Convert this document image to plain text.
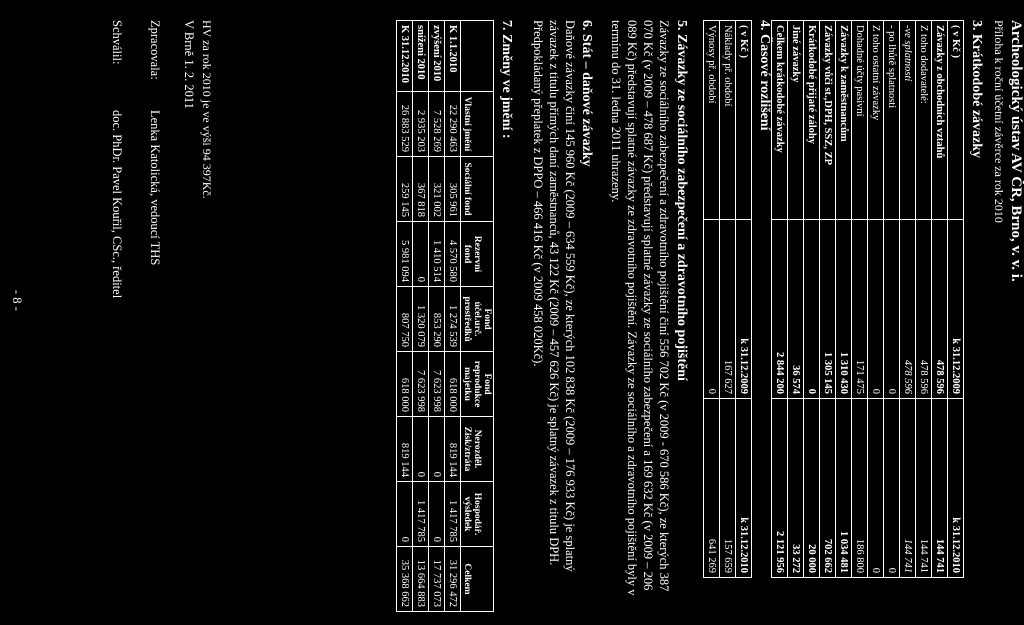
Archeologický ústav AV ČR, Brno, v. v. i.
Příloha k roční účetní závěrce za rok 2010
3. Krátkodobé závazky
( v Kč )	k 31.12.2009	k 31.12.2010
Závazky z obchodních vztahů	478 596	144 741
Z toho dodavatelé:	478 596	144 741
-ve splatnosti	478 596	144 741
- po lhůtě splatnosti	0	0
Z toho ostatní závazky	0	0
Dohadné účty pasivní	171 475	186 800
Závazky k zaměstnancům	1 310 430	1 034 481
Závazky vůči st.,DPH, SSZ, ZP	1 305 145	702 662
Krátkodobé přijaté zálohy	0	20 000
Jiné závazky	36 574	33 272
Celkem krátkodobé závazky	2 844 200	2 121 956
4. Časové rozlišení
( v Kč )	k 31.12.2009	k 31.12.2010
Náklady př. období	167 627	157 659
Výnosy př. období	0	641 269
5. Závazky ze sociálního zabezpečení a zdravotního pojištění
Závazky ze sociálního zabezpečení a zdravotního pojištění činí 556 702 Kč (v 2009 - 670 586 Kč), ze kterých 387 070 Kč (v 2009 – 478 687 Kč) představují splatné závazky ze sociálního zabezpečení a 169 632 Kč (v 2009 – 206 089 Kč) představují splatné závazky ze zdravotního pojištění. Závazky ze sociálního a zdravotního pojištění byly v termínu do 31. ledna 2011 uhrazeny.
6. Stát – daňové závazky
Daňové závazky činí 145 960 Kč (2009 – 634 559 Kč), ze kterých 102 838 Kč (2009 – 176 933 Kč) je splatný závazek z titulu přímých daní zaměstnanců, 43 122 Kč (2009 – 457 626 Kč) je splatný závazek z titulu DPH. Předpokládaný přeplatek z DPPO – 466 416 Kč (v 2009 458 020Kč).
7. Změny ve jmění :
	Vlastní jmění	Sociální fond	Rezervní fond	Fond účel.urč. prostředků	Fond reprodukce majetku	Nerozděl. Zisk/ztráta	Hospodář. výsledek	Celkem
K 1.1.2010	22 290 463	305 961	4 570 580	1 274 539	618 000	819 144	1 417 785	31 296 472
zvýšení 2010	7 528 269	321 002	1 410 514	853 290	7 623 998	0	0	17 737 073
snížení 2010	2 935 203	367 818	0	1 320 079	7 623 998	0	1 417 785	13 664 883
K 31.12.2010	26 883 529	259 145	5 981 094	807 750	618 000	819 144	0	35 368 662
HV za rok 2010 je ve výši 94 397Kč.
V Brně 1. 2. 2011
Zpracovala:
Lenka Katolická, vedoucí THS
Schválil:
doc. PhDr. Pavel Kouřil, CSc., ředitel
- 8 -
